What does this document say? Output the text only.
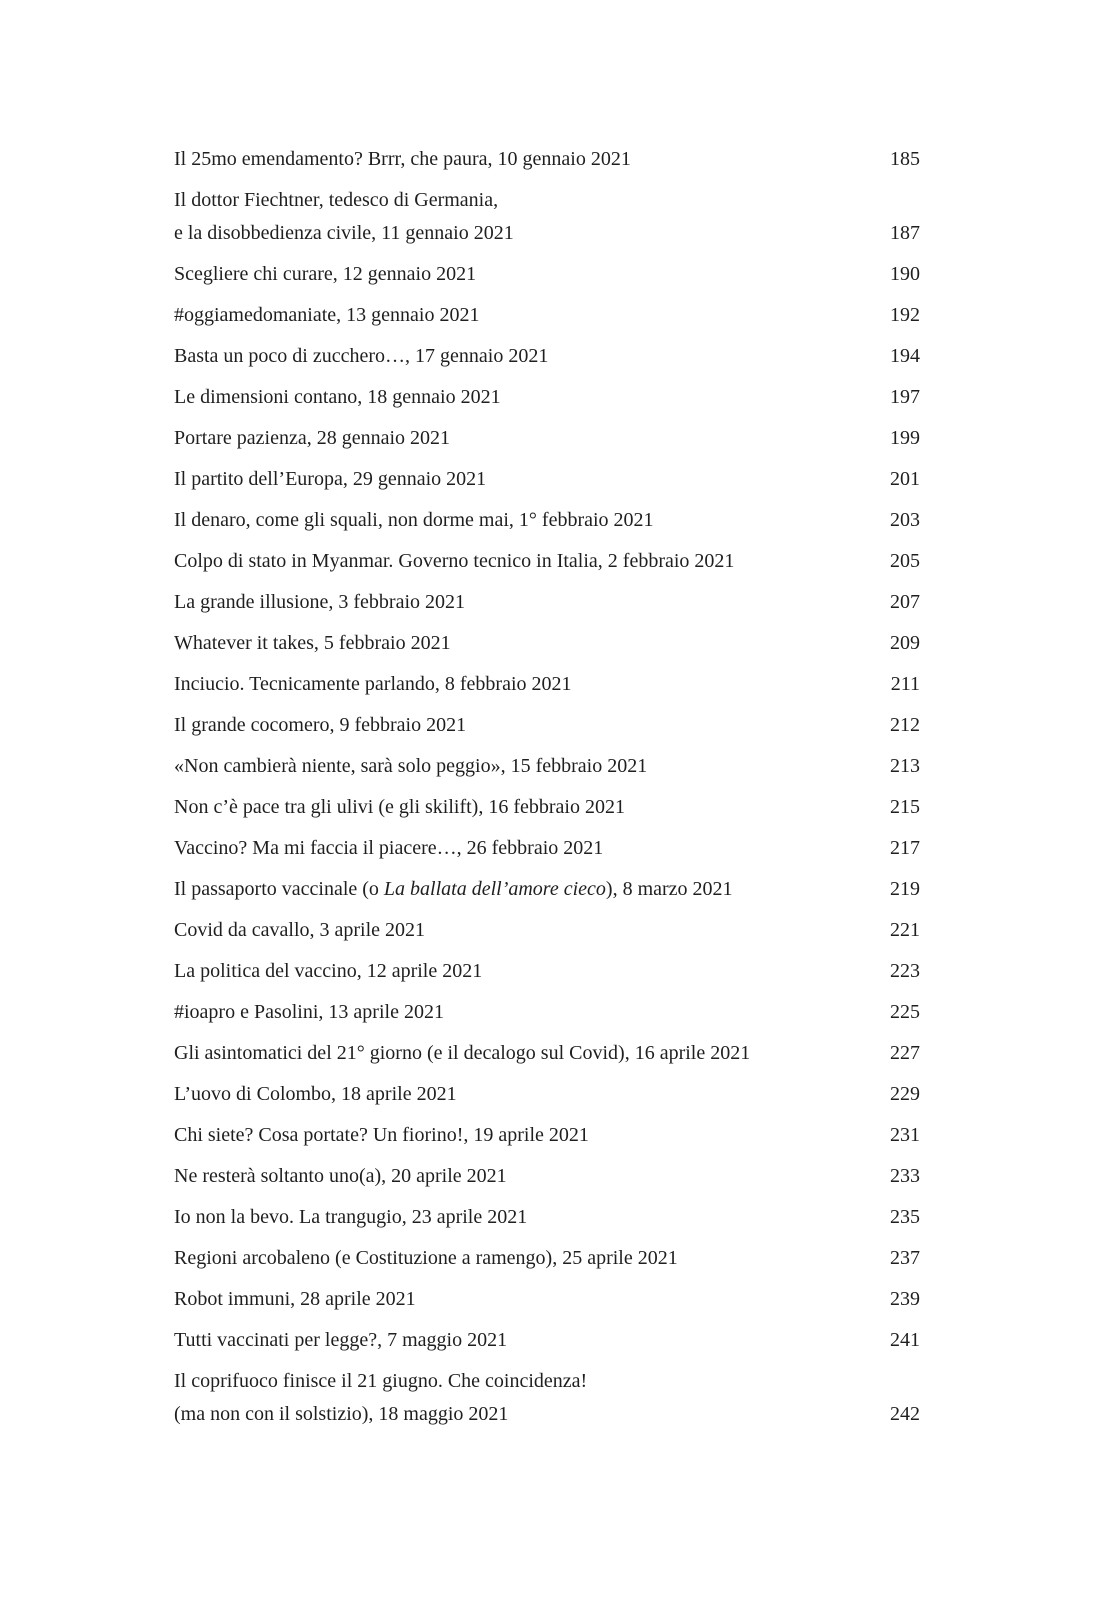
Il 25mo emendamento? Brrr, che paura, 10 gennaio 2021	185
Il dottor Fiechtner, tedesco di Germania,
e la disobbedienza civile, 11 gennaio 2021	187
Scegliere chi curare, 12 gennaio 2021	190
#oggiamedomaniate, 13 gennaio 2021	192
Basta un poco di zucchero…, 17 gennaio 2021	194
Le dimensioni contano, 18 gennaio 2021	197
Portare pazienza, 28 gennaio 2021	199
Il partito dell’Europa, 29 gennaio 2021	201
Il denaro, come gli squali, non dorme mai, 1° febbraio 2021	203
Colpo di stato in Myanmar. Governo tecnico in Italia, 2 febbraio 2021	205
La grande illusione, 3 febbraio 2021	207
Whatever it takes, 5 febbraio 2021	209
Inciucio. Tecnicamente parlando, 8 febbraio 2021	211
Il grande cocomero, 9 febbraio 2021	212
«Non cambierà niente, sarà solo peggio», 15 febbraio 2021	213
Non c’è pace tra gli ulivi (e gli skilift), 16 febbraio 2021	215
Vaccino? Ma mi faccia il piacere…, 26 febbraio 2021	217
Il passaporto vaccinale (o La ballata dell’amore cieco), 8 marzo 2021	219
Covid da cavallo, 3 aprile 2021	221
La politica del vaccino, 12 aprile 2021	223
#ioapro e Pasolini, 13 aprile 2021	225
Gli asintomatici del 21° giorno (e il decalogo sul Covid), 16 aprile 2021	227
L’uovo di Colombo, 18 aprile 2021	229
Chi siete? Cosa portate? Un fiorino!, 19 aprile 2021	231
Ne resterà soltanto uno(a), 20 aprile 2021	233
Io non la bevo. La trangugio, 23 aprile 2021	235
Regioni arcobaleno (e Costituzione a ramengo), 25 aprile 2021	237
Robot immuni, 28 aprile 2021	239
Tutti vaccinati per legge?, 7 maggio 2021	241
Il coprifuoco finisce il 21 giugno. Che coincidenza!
(ma non con il solstizio), 18 maggio 2021	242
